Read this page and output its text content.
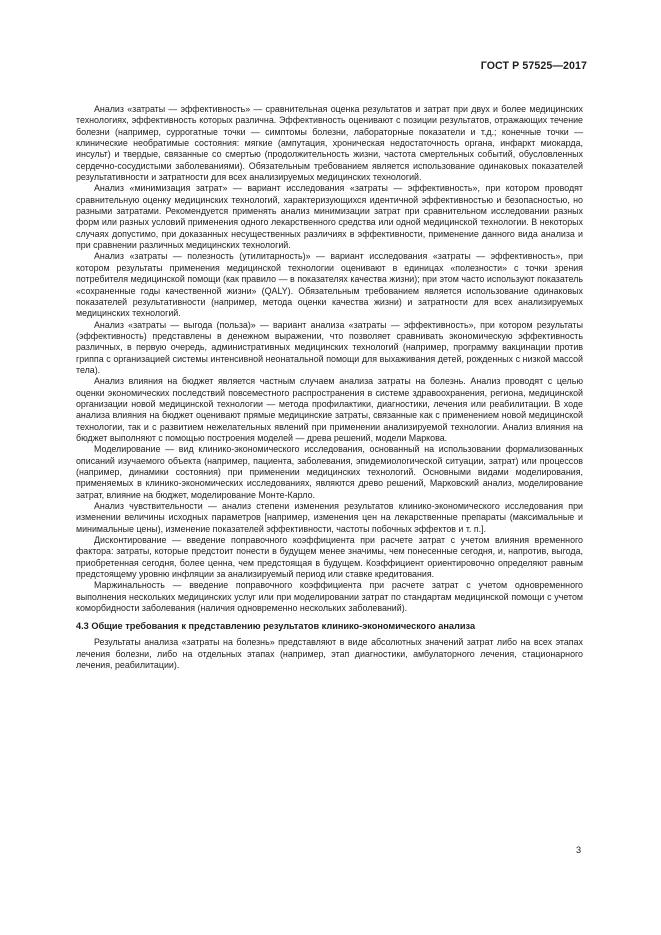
ГОСТ Р 57525—2017

Анализ «затраты — эффективность» — сравнительная оценка результатов и затрат при двух и более медицинских технологиях, эффективность которых различна. Эффективность оценивают с позиции результатов, отражающих течение болезни (например, суррогатные точки — симптомы болезни, лабораторные показатели и т.д.; конечные точки — клинические необратимые состояния: мягкие (ампутация, хроническая недостаточность органа, инфаркт миокарда, инсульт) и твердые, связанные со смертью (продолжительность жизни, частота смертельных событий, обусловленных сердечно-сосудистыми заболеваниями). Обязательным требованием является использование одинаковых показателей результативности и затратности для всех анализируемых медицинских технологий.

Анализ «минимизация затрат» — вариант исследования «затраты — эффективность», при котором проводят сравнительную оценку медицинских технологий, характеризующихся идентичной эффективностью и безопасностью, но разными затратами. Рекомендуется применять анализ минимизации затрат при сравнительном исследовании разных форм или разных условий применения одного лекарственного средства или одной медицинской технологии. В некоторых случаях допустимо, при доказанных несущественных различиях в эффективности, применение данного вида анализа и при сравнении различных медицинских технологий.

Анализ «затраты — полезность (утилитарность)» — вариант исследования «затраты — эффективность», при котором результаты применения медицинской технологии оценивают в единицах «полезности» с точки зрения потребителя медицинской помощи (как правило — в показателях качества жизни); при этом часто используют показатель «сохраненные годы качественной жизни» (QALY). Обязательным требованием является использование одинаковых показателей результативности (например, метода оценки качества жизни) и затратности для всех анализируемых медицинских технологий.

Анализ «затраты — выгода (польза)» — вариант анализа «затраты — эффективность», при котором результаты (эффективность) представлены в денежном выражении, что позволяет сравнивать экономическую эффективность различных, в первую очередь, административных медицинских технологий (например, программу вакцинации против гриппа с организацией системы интенсивной неонатальной помощи для выхаживания детей, рожденных с низкой массой тела).

Анализ влияния на бюджет является частным случаем анализа затраты на болезнь. Анализ проводят с целью оценки экономических последствий повсеместного распространения в системе здравоохранения, региона, медицинской организации новой медицинской технологии — метода профилактики, диагностики, лечения или реабилитации. В ходе анализа влияния на бюджет оценивают прямые медицинские затраты, связанные как с применением новой медицинской технологии, так и с развитием нежелательных явлений при применении анализируемой технологии. Анализ влияния на бюджет выполняют с помощью построения моделей — древа решений, модели Маркова.

Моделирование — вид клинико-экономического исследования, основанный на использовании формализованных описаний изучаемого объекта (например, пациента, заболевания, эпидемиологической ситуации, затрат) или процессов (например, динамики состояния) при применении медицинских технологий. Основными видами моделирования, применяемых в клинико-экономических исследованиях, являются древо решений, Марковский анализ, моделирование затрат, влияние на бюджет, моделирование Монте-Карло.

Анализ чувствительности — анализ степени изменения результатов клинико-экономического исследования при изменении величины исходных параметров [например, изменения цен на лекарственные препараты (максимальные и минимальные цены), изменение показателей эффективности, частоты побочных эффектов и т. п.].

Дисконтирование — введение поправочного коэффициента при расчете затрат с учетом влияния временного фактора: затраты, которые предстоит понести в будущем менее значимы, чем понесенные сегодня, и, напротив, выгода, приобретенная сегодня, более ценна, чем предстоящая в будущем. Коэффициент ориентировочно определяют равным предстоящему уровню инфляции за анализируемый период или ставке кредитования.

Маржинальность — введение поправочного коэффициента при расчете затрат с учетом одновременного выполнения нескольких медицинских услуг или при моделировании затрат по стандартам медицинской помощи с учетом коморбидности заболевания (наличия одновременно нескольких заболеваний).

4.3 Общие требования к представлению результатов клинико-экономического анализа

Результаты анализа «затраты на болезнь» представляют в виде абсолютных значений затрат либо на всех этапах лечения болезни, либо на отдельных этапах (например, этап диагностики, амбулаторного лечения, стационарного лечения, реабилитации).

3
